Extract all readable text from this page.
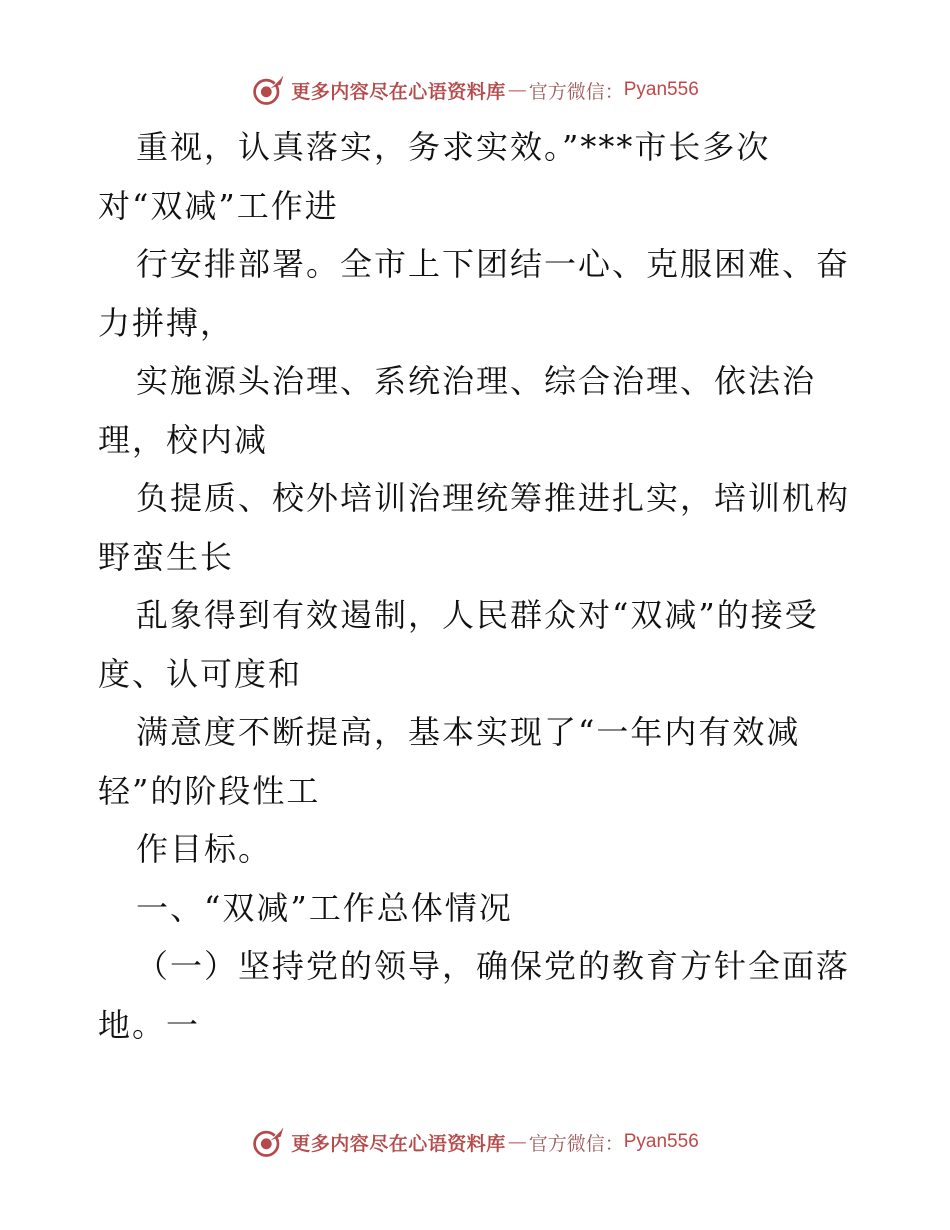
更多内容尽在心语资料库 — 官方微信： Pyan556
重视，认真落实，务求实效。”***市长多次
对“双减”工作进
行安排部署。全市上下团结一心、克服困难、奋
力拼搏，
实施源头治理、系统治理、综合治理、依法治
理，校内减
负提质、校外培训治理统筹推进扎实，培训机构
野蛮生长
乱象得到有效遏制，人民群众对“双减”的接受
度、认可度和
满意度不断提高，基本实现了“一年内有效减
轻”的阶段性工
作目标。
一、“双减”工作总体情况
（一）坚持党的领导，确保党的教育方针全面落
地。一
更多内容尽在心语资料库 — 官方微信： Pyan556
